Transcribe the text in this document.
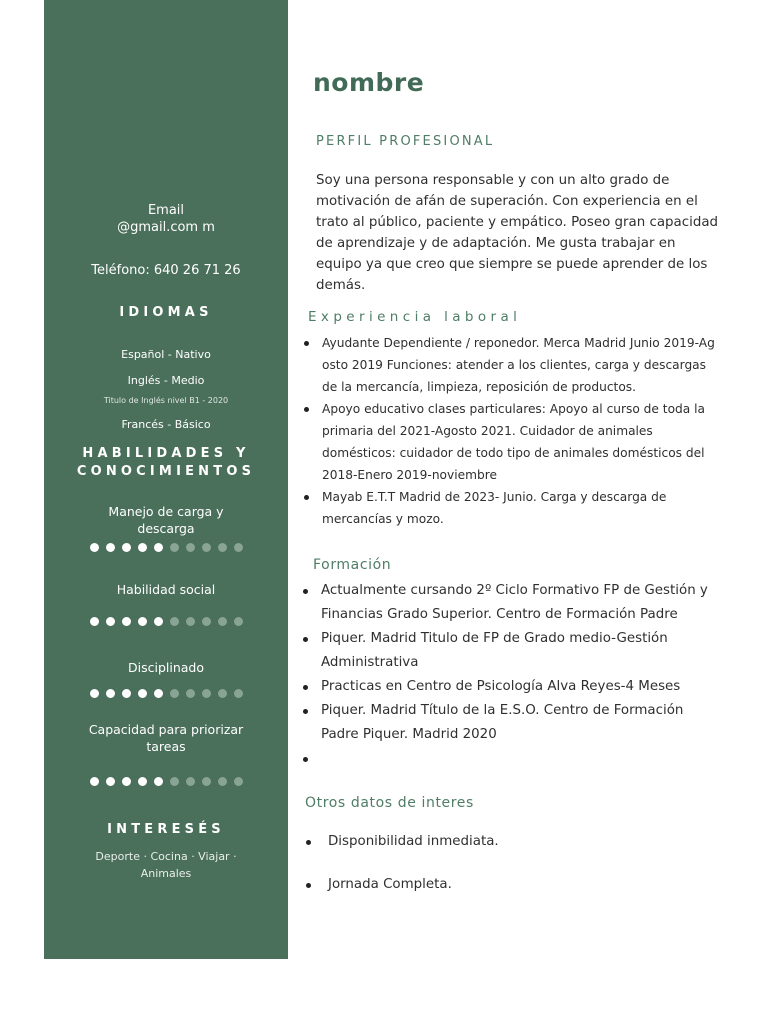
Email
@gmail.com m
Teléfono: 640 26 71 26
IDIOMAS
Español - Nativo
Inglés - Medio
Titulo de Inglés nivel B1 - 2020
Francés - Básico
HABILIDADES Y
CONOCIMIENTOS
Manejo de carga y
descarga
Habilidad social
Disciplinado
Capacidad para priorizar
tareas
INTERESÉS
Deporte · Cocina · Viajar ·
Animales
nombre
PERFIL PROFESIONAL
Soy una persona responsable y con un alto grado de motivación de afán de superación. Con experiencia en el trato al público, paciente y empático. Poseo gran capacidad de aprendizaje y de adaptación. Me gusta trabajar en equipo ya que creo que siempre se puede aprender de los demás.
Experiencia laboral
Ayudante Dependiente / reponedor. Merca Madrid Junio 2019-Ag osto 2019 Funciones: atender a los clientes, carga y descargas de la mercancía, limpieza, reposición de productos.
Apoyo educativo clases particulares: Apoyo al curso de toda la primaria del 2021-Agosto 2021. Cuidador de animales domésticos: cuidador de todo tipo de animales domésticos del 2018-Enero 2019-noviembre
Mayab E.T.T Madrid de 2023- Junio. Carga y descarga de mercancías y mozo.
Formación
Actualmente cursando 2º Ciclo Formativo FP de Gestión y Financias Grado Superior. Centro de Formación Padre
Piquer. Madrid Titulo de FP de Grado medio-Gestión Administrativa
Practicas en Centro de Psicología Alva Reyes-4 Meses
Piquer. Madrid Título de la E.S.O. Centro de Formación Padre Piquer. Madrid 2020

Otros datos de interes
Disponibilidad inmediata.
Jornada Completa.
